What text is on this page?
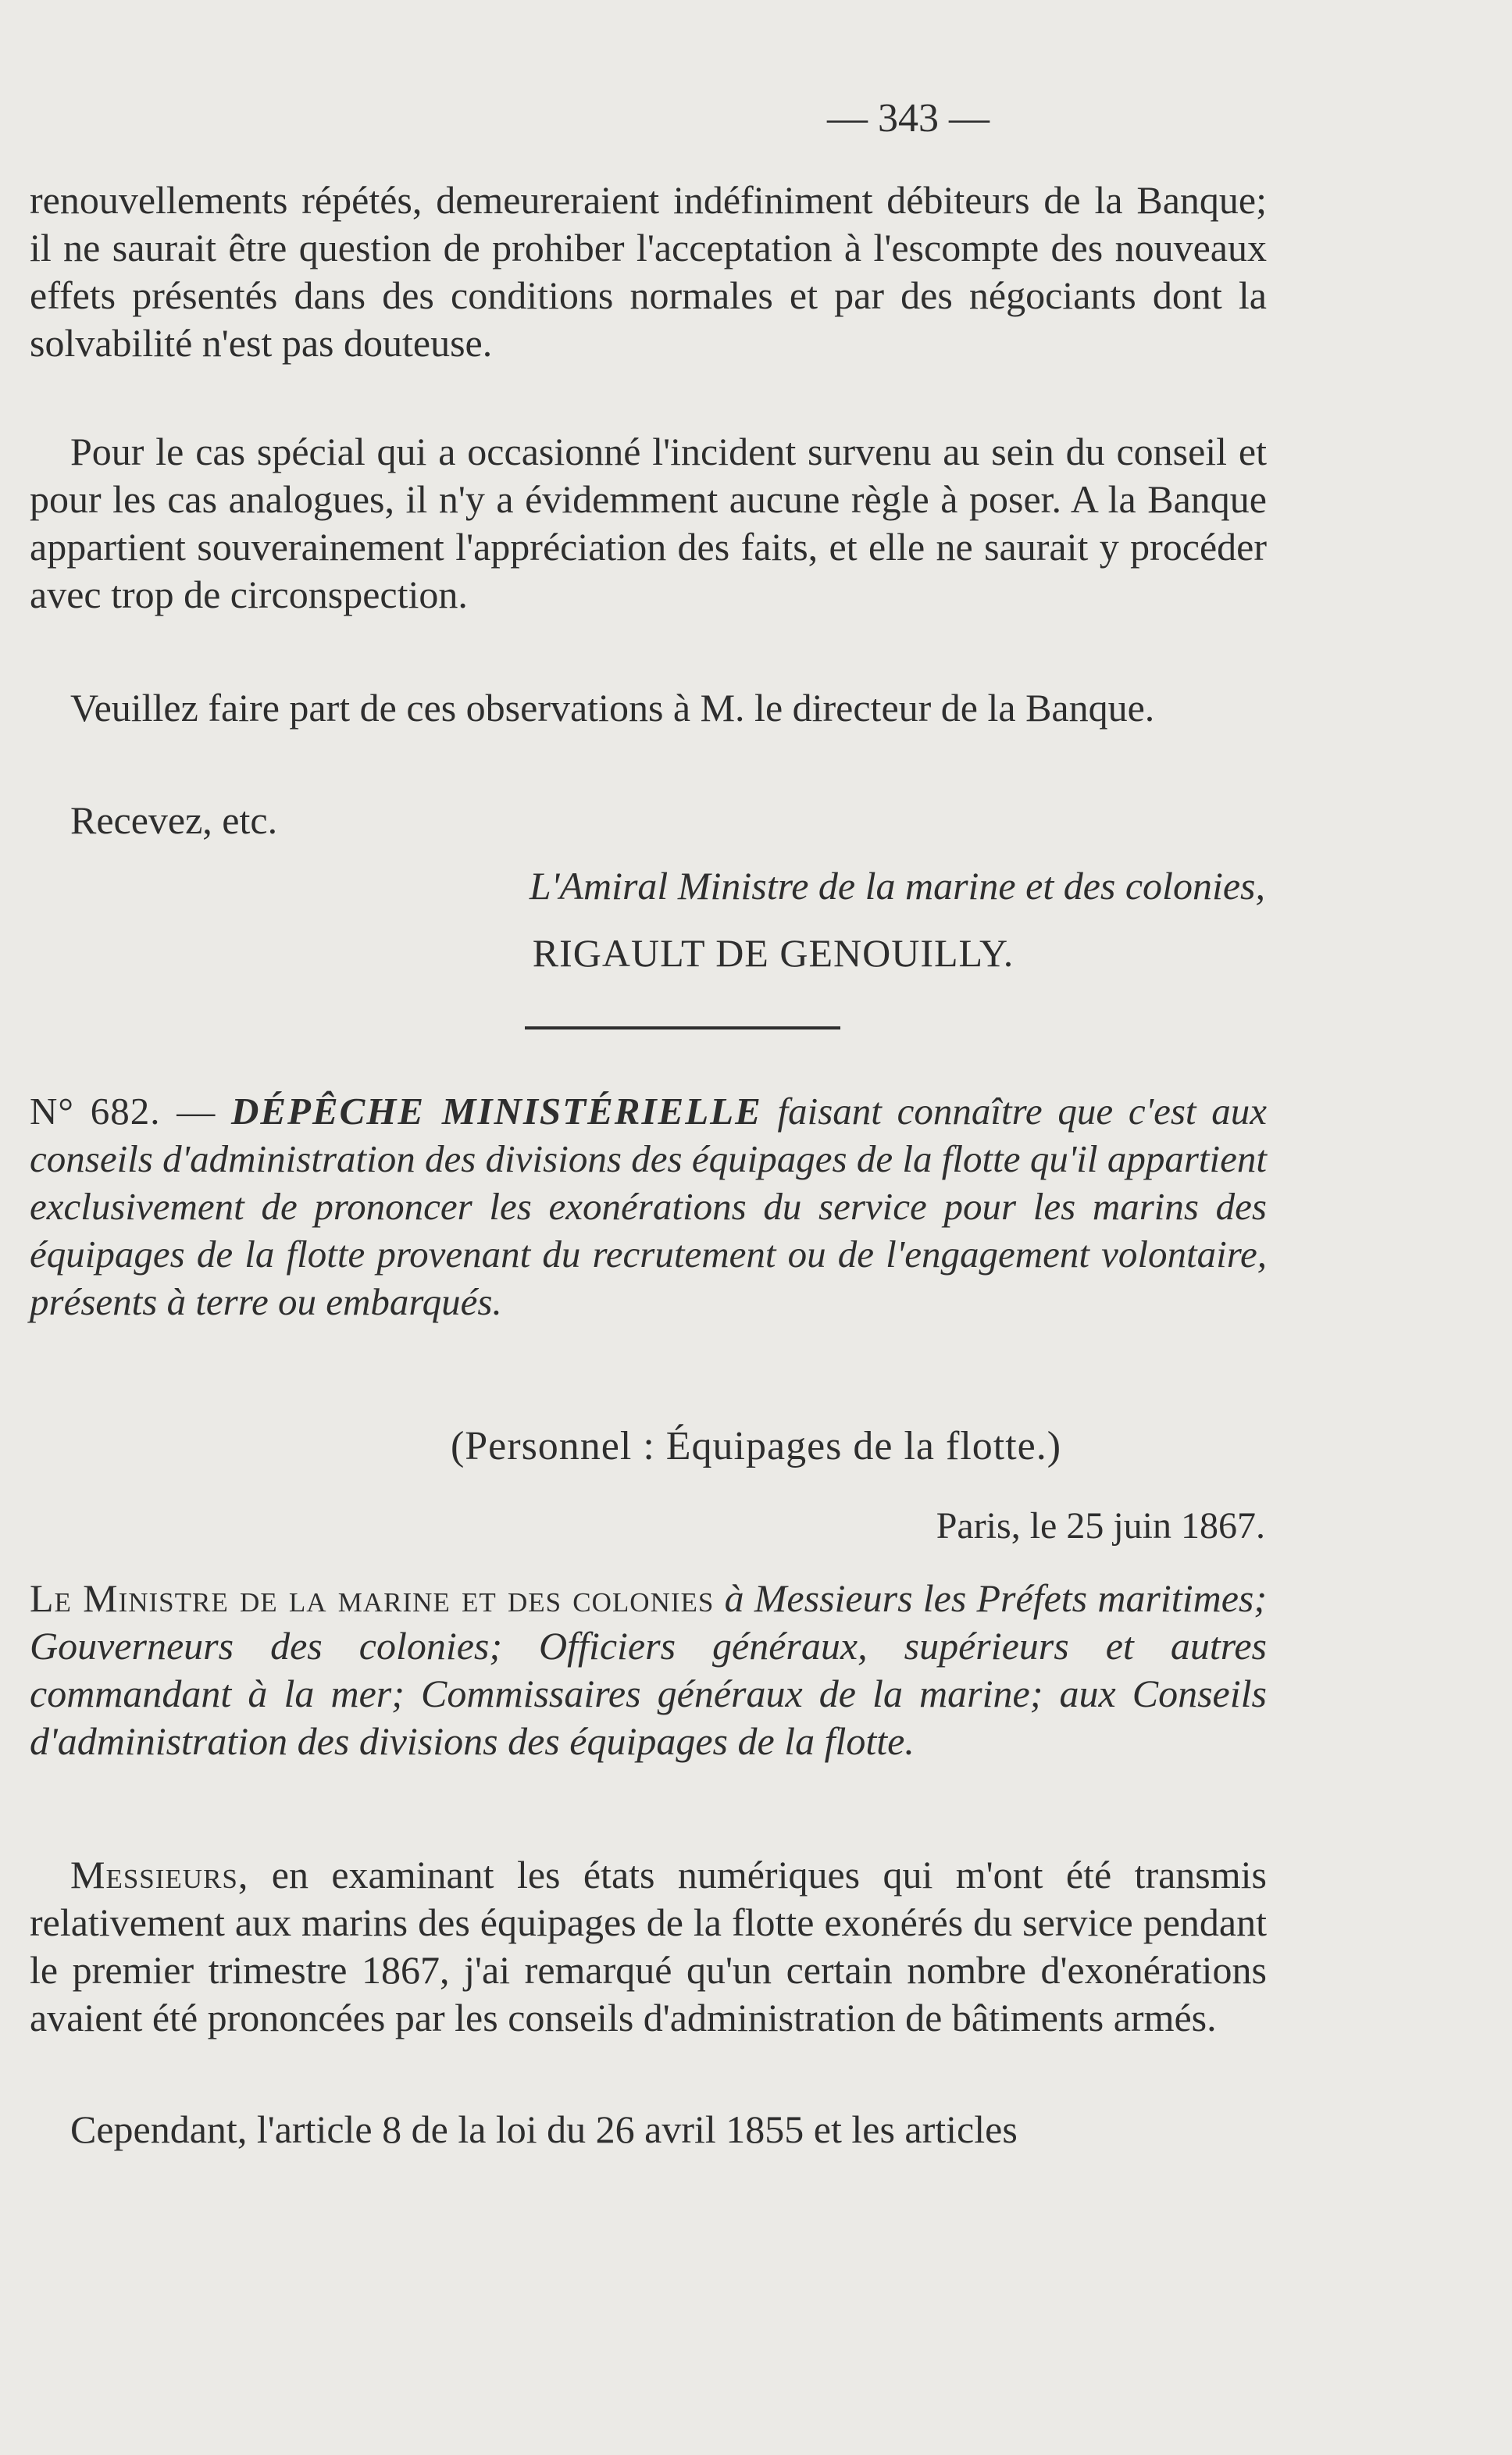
— 343 —

renouvellements répétés, demeureraient indéfiniment débiteurs de la Banque; il ne saurait être question de prohiber l'acceptation à l'escompte des nouveaux effets présentés dans des conditions normales et par des négociants dont la solvabilité n'est pas douteuse.

Pour le cas spécial qui a occasionné l'incident survenu au sein du conseil et pour les cas analogues, il n'y a évidemment aucune règle à poser. A la Banque appartient souverainement l'appréciation des faits, et elle ne saurait y procéder avec trop de circonspection.

Veuillez faire part de ces observations à M. le directeur de la Banque.

Recevez, etc.

L'Amiral Ministre de la marine et des colonies,
RIGAULT DE GENOUILLY.

N° 682. — DÉPÊCHE MINISTÉRIELLE faisant connaître que c'est aux conseils d'administration des divisions des équipages de la flotte qu'il appartient exclusivement de prononcer les exonérations du service pour les marins des équipages de la flotte provenant du recrutement ou de l'engagement volontaire, présents à terre ou embarqués.

(Personnel : Équipages de la flotte.)
Paris, le 25 juin 1867.

Le Ministre de la marine et des colonies à Messieurs les Préfets maritimes; Gouverneurs des colonies; Officiers généraux, supérieurs et autres commandant à la mer; Commissaires généraux de la marine; aux Conseils d'administration des divisions des équipages de la flotte.

Messieurs, en examinant les états numériques qui m'ont été transmis relativement aux marins des équipages de la flotte exonérés du service pendant le premier trimestre 1867, j'ai remarqué qu'un certain nombre d'exonérations avaient été prononcées par les conseils d'administration de bâtiments armés.

Cependant, l'article 8 de la loi du 26 avril 1855 et les articles
